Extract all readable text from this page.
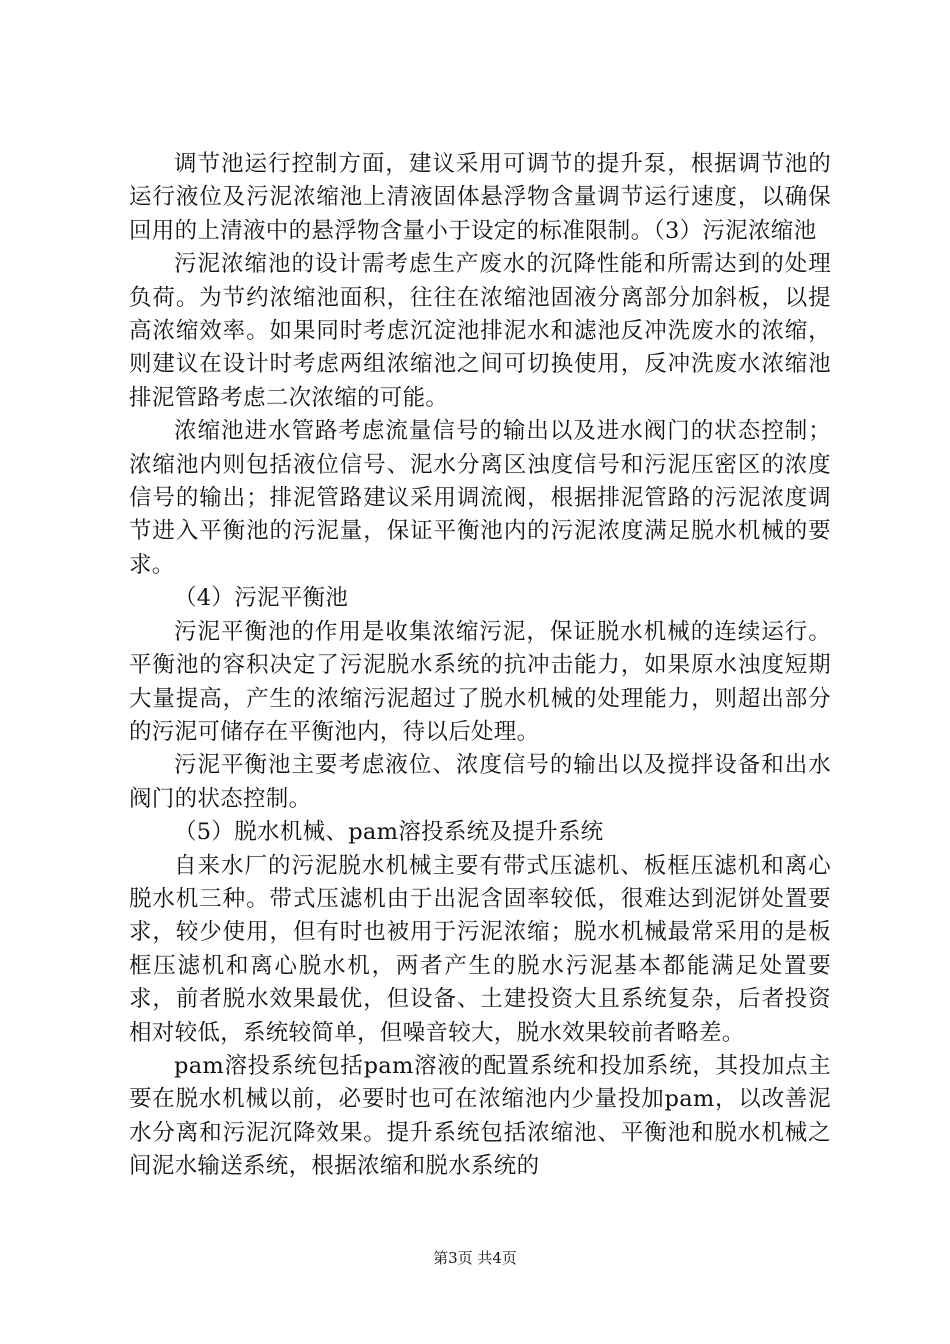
调节池运行控制方面，建议采用可调节的提升泵，根据调节池的运行液位及污泥浓缩池上清液固体悬浮物含量调节运行速度，以确保回用的上清液中的悬浮物含量小于设定的标准限制。（3）污泥浓缩池

污泥浓缩池的设计需考虑生产废水的沉降性能和所需达到的处理负荷。为节约浓缩池面积，往往在浓缩池固液分离部分加斜板，以提高浓缩效率。如果同时考虑沉淀池排泥水和滤池反冲洗废水的浓缩，则建议在设计时考虑两组浓缩池之间可切换使用，反冲洗废水浓缩池排泥管路考虑二次浓缩的可能。

浓缩池进水管路考虑流量信号的输出以及进水阀门的状态控制；浓缩池内则包括液位信号、泥水分离区浊度信号和污泥压密区的浓度信号的输出；排泥管路建议采用调流阀，根据排泥管路的污泥浓度调节进入平衡池的污泥量，保证平衡池内的污泥浓度满足脱水机械的要求。

（4）污泥平衡池

污泥平衡池的作用是收集浓缩污泥，保证脱水机械的连续运行。平衡池的容积决定了污泥脱水系统的抗冲击能力，如果原水浊度短期大量提高，产生的浓缩污泥超过了脱水机械的处理能力，则超出部分的污泥可储存在平衡池内，待以后处理。

污泥平衡池主要考虑液位、浓度信号的输出以及搅拌设备和出水阀门的状态控制。

（5）脱水机械、pam溶投系统及提升系统

自来水厂的污泥脱水机械主要有带式压滤机、板框压滤机和离心脱水机三种。带式压滤机由于出泥含固率较低，很难达到泥饼处置要求，较少使用，但有时也被用于污泥浓缩；脱水机械最常采用的是板框压滤机和离心脱水机，两者产生的脱水污泥基本都能满足处置要求，前者脱水效果最优，但设备、土建投资大且系统复杂，后者投资相对较低，系统较简单，但噪音较大，脱水效果较前者略差。

pam溶投系统包括pam溶液的配置系统和投加系统，其投加点主要在脱水机械以前，必要时也可在浓缩池内少量投加pam，以改善泥水分离和污泥沉降效果。提升系统包括浓缩池、平衡池和脱水机械之间泥水输送系统，根据浓缩和脱水系统的

第3页 共4页
